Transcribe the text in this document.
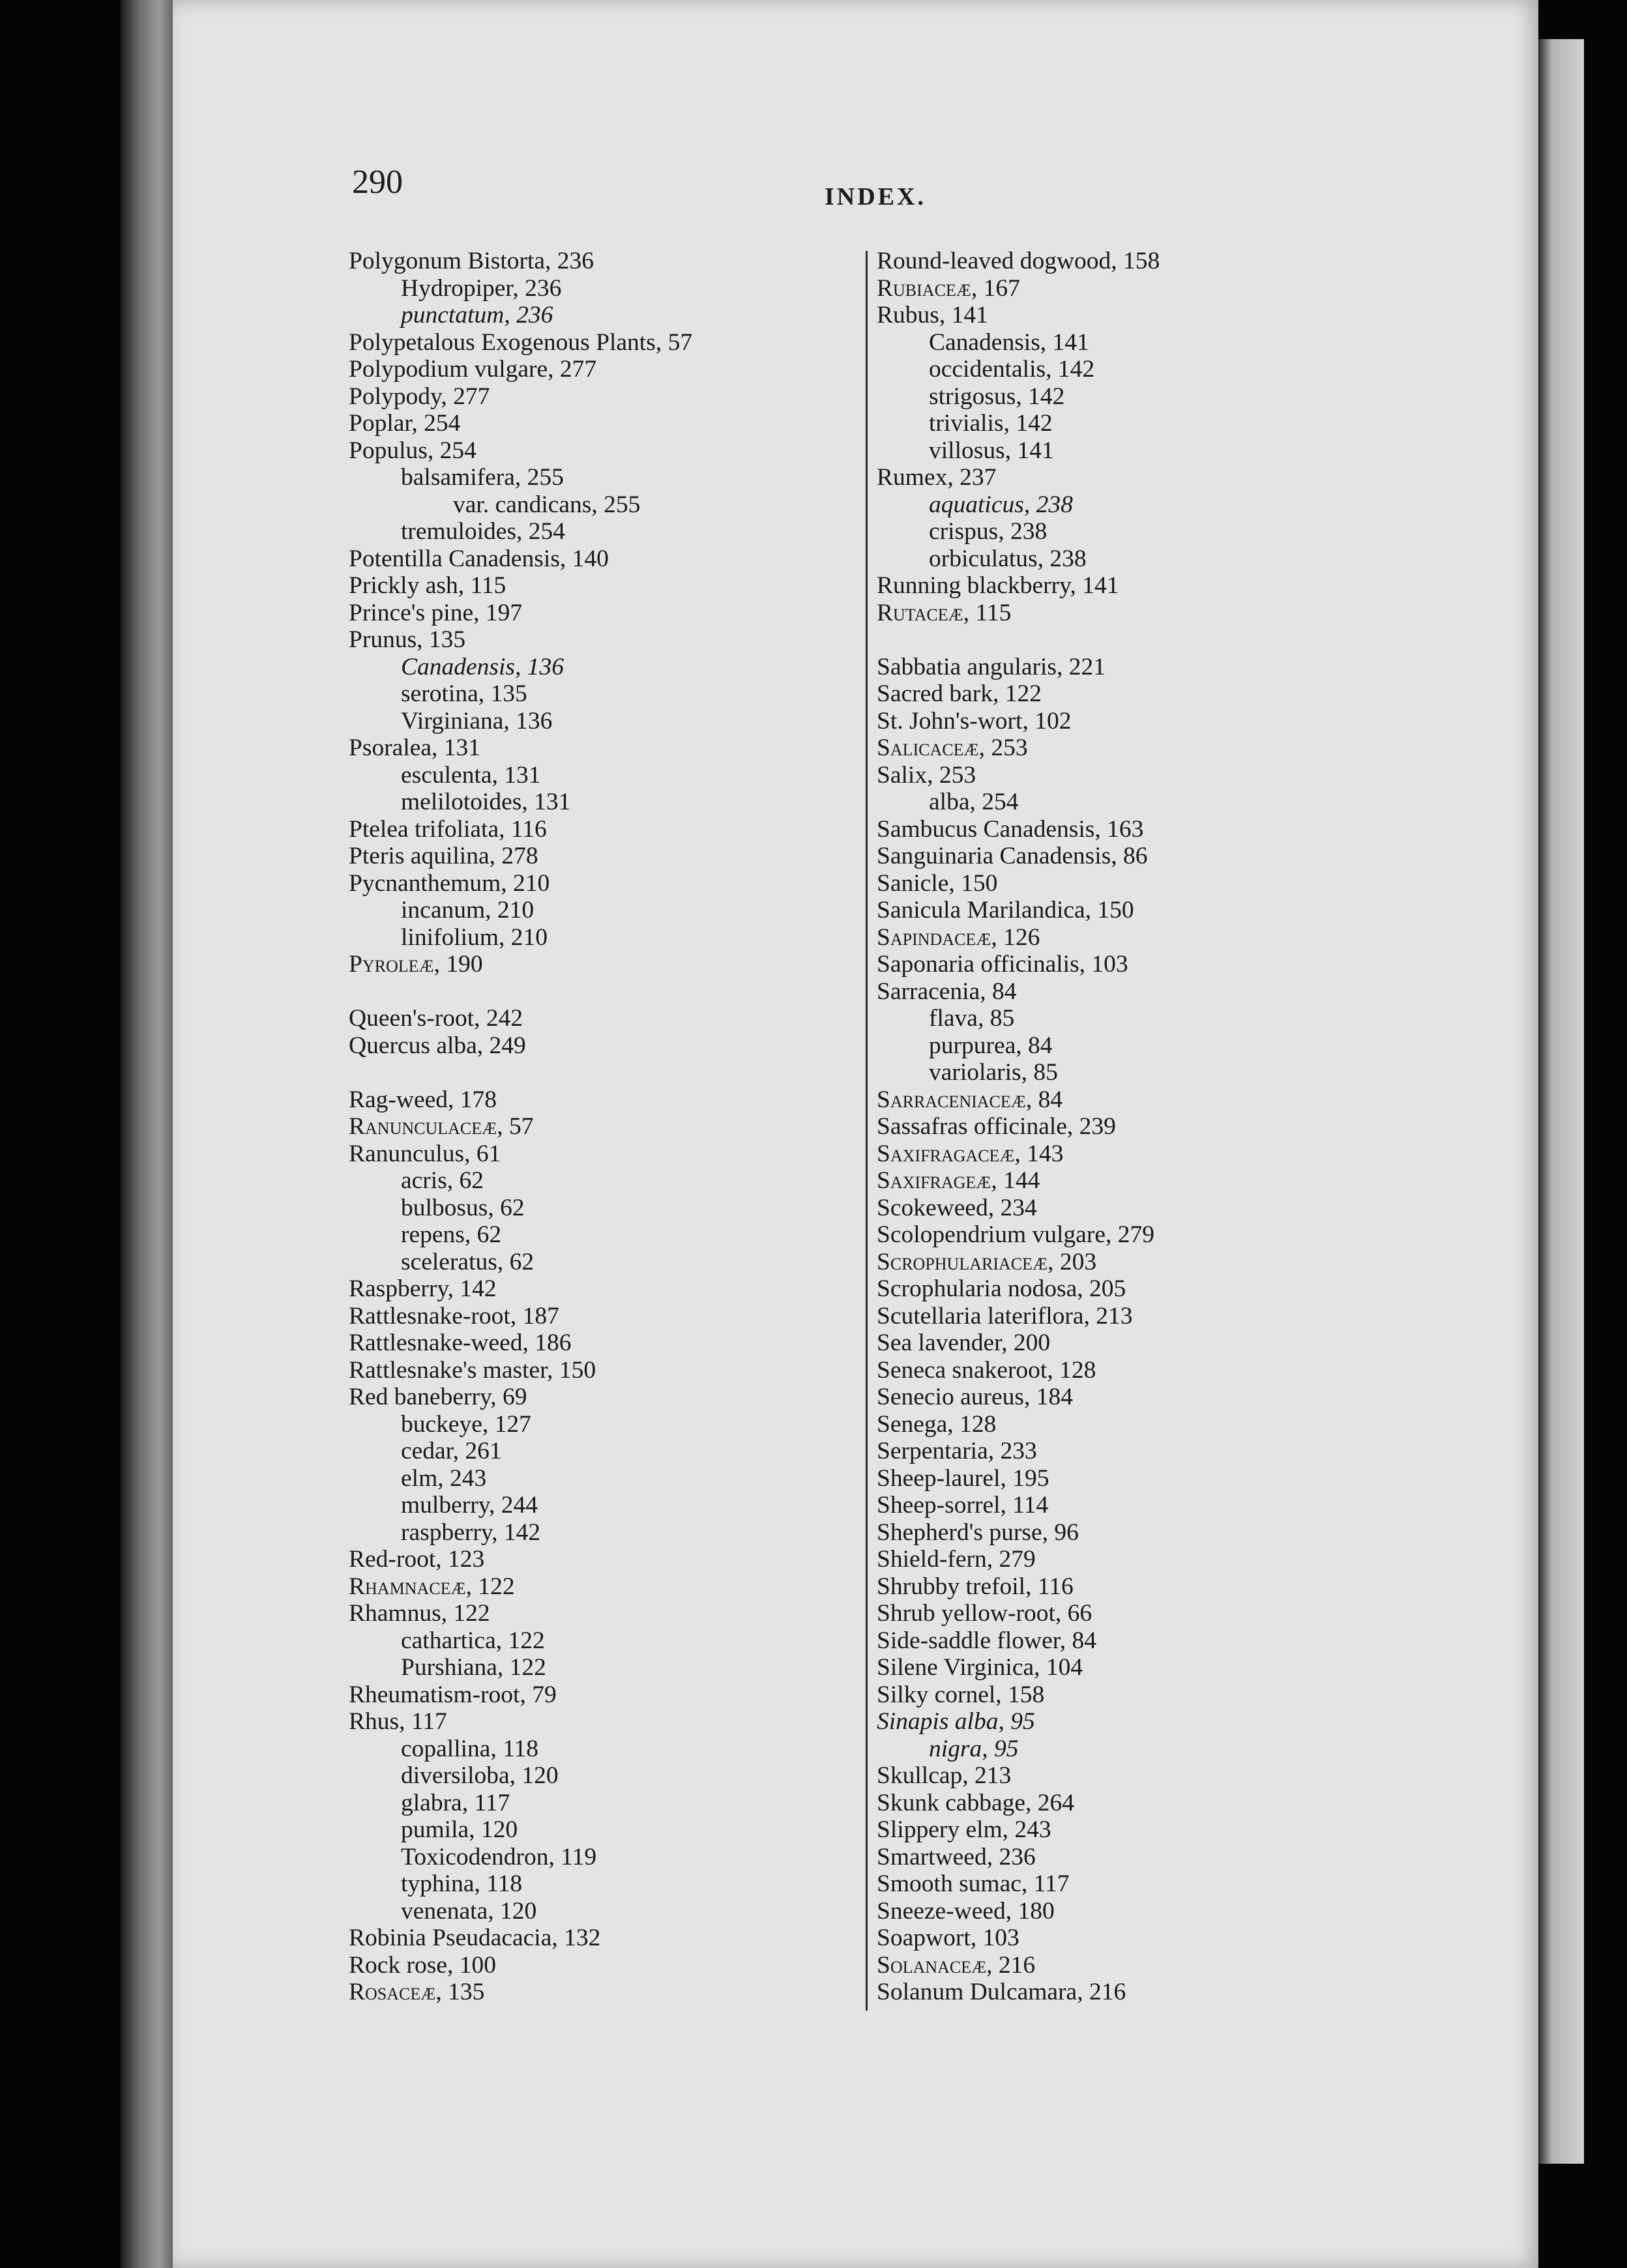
290	INDEX.
Polygonum Bistorta, 236
Hydropiper, 236
punctatum, 236
Polypetalous Exogenous Plants, 57
Polypodium vulgare, 277
Polypody, 277
Poplar, 254
Populus, 254
balsamifera, 255
var. candicans, 255
tremuloides, 254
Potentilla Canadensis, 140
Prickly ash, 115
Prince's pine, 197
Prunus, 135
Canadensis, 136
serotina, 135
Virginiana, 136
Psoralea, 131
esculenta, 131
melilotoides, 131
Ptelea trifoliata, 116
Pteris aquilina, 278
Pycnanthemum, 210
incanum, 210
linifolium, 210
Pyroleæ, 190
Queen's-root, 242
Quercus alba, 249
Rag-weed, 178
Ranunculaceæ, 57
Ranunculus, 61
acris, 62
bulbosus, 62
repens, 62
sceleratus, 62
Raspberry, 142
Rattlesnake-root, 187
Rattlesnake-weed, 186
Rattlesnake's master, 150
Red baneberry, 69
buckeye, 127
cedar, 261
elm, 243
mulberry, 244
raspberry, 142
Red-root, 123
Rhamnaceæ, 122
Rhamnus, 122
cathartica, 122
Purshiana, 122
Rheumatism-root, 79
Rhus, 117
copallina, 118
diversiloba, 120
glabra, 117
pumila, 120
Toxicodendron, 119
typhina, 118
venenata, 120
Robinia Pseudacacia, 132
Rock rose, 100
Rosaceæ, 135
Round-leaved dogwood, 158
Rubiaceæ, 167
Rubus, 141
Canadensis, 141
occidentalis, 142
strigosus, 142
trivialis, 142
villosus, 141
Rumex, 237
aquaticus, 238
crispus, 238
orbiculatus, 238
Running blackberry, 141
Rutaceæ, 115
Sabbatia angularis, 221
Sacred bark, 122
St. John's-wort, 102
Salicaceæ, 253
Salix, 253
alba, 254
Sambucus Canadensis, 163
Sanguinaria Canadensis, 86
Sanicle, 150
Sanicula Marilandica, 150
Sapindaceæ, 126
Saponaria officinalis, 103
Sarracenia, 84
flava, 85
purpurea, 84
variolaris, 85
Sarraceniaceæ, 84
Sassafras officinale, 239
Saxifragaceæ, 143
Saxifrageæ, 144
Scokeweed, 234
Scolopendrium vulgare, 279
Scrophulariaceæ, 203
Scrophularia nodosa, 205
Scutellaria lateriflora, 213
Sea lavender, 200
Seneca snakeroot, 128
Senecio aureus, 184
Senega, 128
Serpentaria, 233
Sheep-laurel, 195
Sheep-sorrel, 114
Shepherd's purse, 96
Shield-fern, 279
Shrubby trefoil, 116
Shrub yellow-root, 66
Side-saddle flower, 84
Silene Virginica, 104
Silky cornel, 158
Sinapis alba, 95
nigra, 95
Skullcap, 213
Skunk cabbage, 264
Slippery elm, 243
Smartweed, 236
Smooth sumac, 117
Sneeze-weed, 180
Soapwort, 103
Solanaceæ, 216
Solanum Dulcamara, 216
